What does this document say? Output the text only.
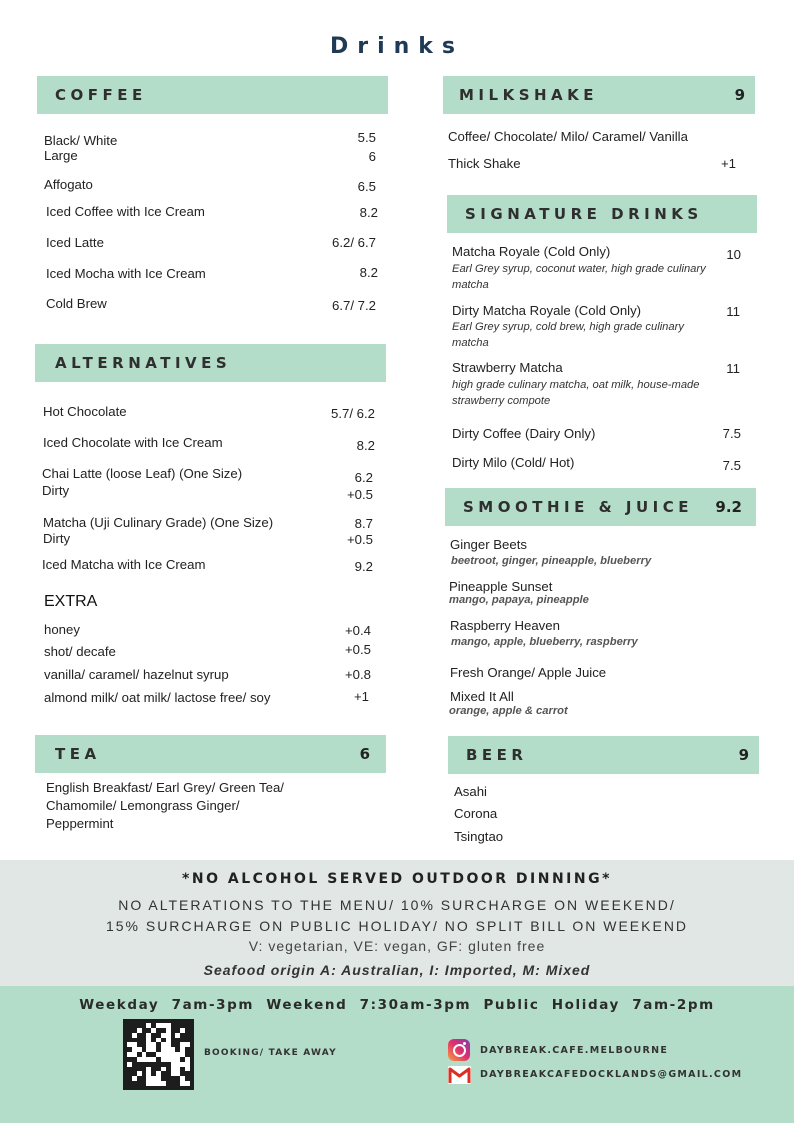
Drinks
COFFEE
Black/ White	5.5
Large	6
Affogato	6.5
Iced Coffee with Ice Cream	8.2
Iced Latte	6.2/ 6.7
Iced Mocha with Ice Cream	8.2
Cold Brew	6.7/ 7.2
ALTERNATIVES
Hot Chocolate	5.7/ 6.2
Iced Chocolate with Ice Cream	8.2
Chai Latte (loose Leaf) (One Size)	6.2
Dirty	+0.5
Matcha (Uji Culinary Grade) (One Size)	8.7
Dirty	+0.5
Iced Matcha with Ice Cream	9.2
EXTRA
honey	+0.4
shot/ decafe	+0.5
vanilla/ caramel/ hazelnut syrup	+0.8
almond milk/ oat milk/ lactose free/ soy	+1
TEA	6
English Breakfast/ Earl Grey/ Green Tea/
Chamomile/ Lemongrass Ginger/
Peppermint
MILKSHAKE	9
Coffee/ Chocolate/ Milo/ Caramel/ Vanilla
Thick Shake	+1
SIGNATURE DRINKS
Matcha Royale (Cold Only)	10
Earl Grey syrup, coconut water, high grade culinary matcha
Dirty Matcha Royale (Cold Only)	11
Earl Grey syrup, cold brew, high grade culinary matcha
Strawberry Matcha	11
high grade culinary matcha, oat milk, house-made strawberry compote
Dirty Coffee (Dairy Only)	7.5
Dirty Milo (Cold/ Hot)	7.5
SMOOTHIE & JUICE 9.2
Ginger Beets
beetroot, ginger, pineapple, blueberry
Pineapple Sunset
mango, papaya, pineapple
Raspberry Heaven
mango, apple, blueberry, raspberry
Fresh Orange/ Apple Juice
Mixed It All
orange, apple & carrot
BEER	9
Asahi
Corona
Tsingtao
*NO ALCOHOL SERVED OUTDOOR DINNING*
NO ALTERATIONS TO THE MENU/ 10% SURCHARGE ON WEEKEND/
15% SURCHARGE ON PUBLIC HOLIDAY/ NO SPLIT BILL ON WEEKEND
V: vegetarian, VE: vegan, GF: gluten free
Seafood origin A: Australian, I: Imported, M: Mixed
Weekday 7am-3pm Weekend 7:30am-3pm Public Holiday 7am-2pm
BOOKING/ TAKE AWAY	DAYBREAK.CAFE.MELBOURNE
DAYBREAKCAFEDOCKLANDS@GMAIL.COM
